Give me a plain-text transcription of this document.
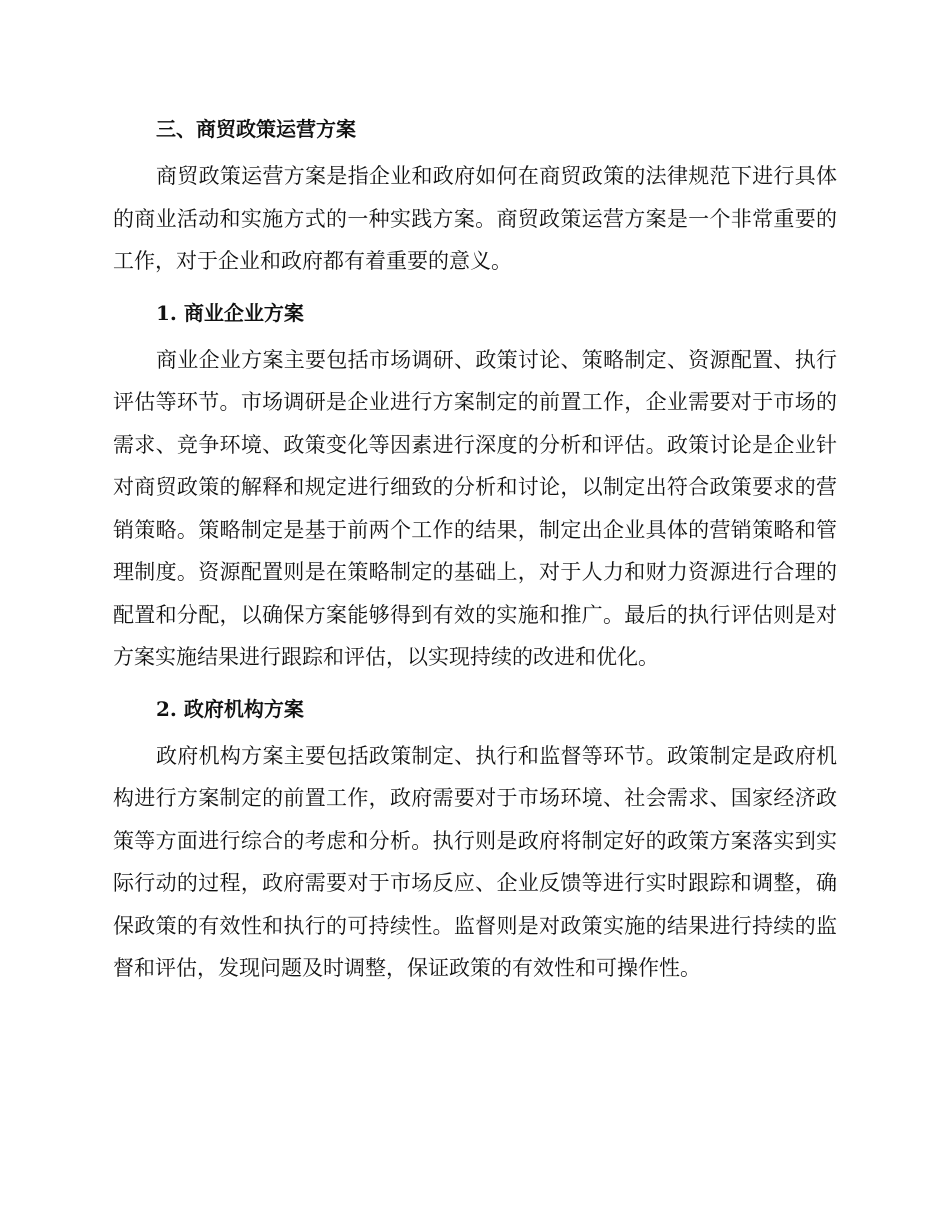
三、商贸政策运营方案

商贸政策运营方案是指企业和政府如何在商贸政策的法律规范下进行具体的商业活动和实施方式的一种实践方案。商贸政策运营方案是一个非常重要的工作，对于企业和政府都有着重要的意义。

1. 商业企业方案

商业企业方案主要包括市场调研、政策讨论、策略制定、资源配置、执行评估等环节。市场调研是企业进行方案制定的前置工作，企业需要对于市场的需求、竞争环境、政策变化等因素进行深度的分析和评估。政策讨论是企业针对商贸政策的解释和规定进行细致的分析和讨论，以制定出符合政策要求的营销策略。策略制定是基于前两个工作的结果，制定出企业具体的营销策略和管理制度。资源配置则是在策略制定的基础上，对于人力和财力资源进行合理的配置和分配，以确保方案能够得到有效的实施和推广。最后的执行评估则是对方案实施结果进行跟踪和评估，以实现持续的改进和优化。

2. 政府机构方案

政府机构方案主要包括政策制定、执行和监督等环节。政策制定是政府机构进行方案制定的前置工作，政府需要对于市场环境、社会需求、国家经济政策等方面进行综合的考虑和分析。执行则是政府将制定好的政策方案落实到实际行动的过程，政府需要对于市场反应、企业反馈等进行实时跟踪和调整，确保政策的有效性和执行的可持续性。监督则是对政策实施的结果进行持续的监督和评估，发现问题及时调整，保证政策的有效性和可操作性。
